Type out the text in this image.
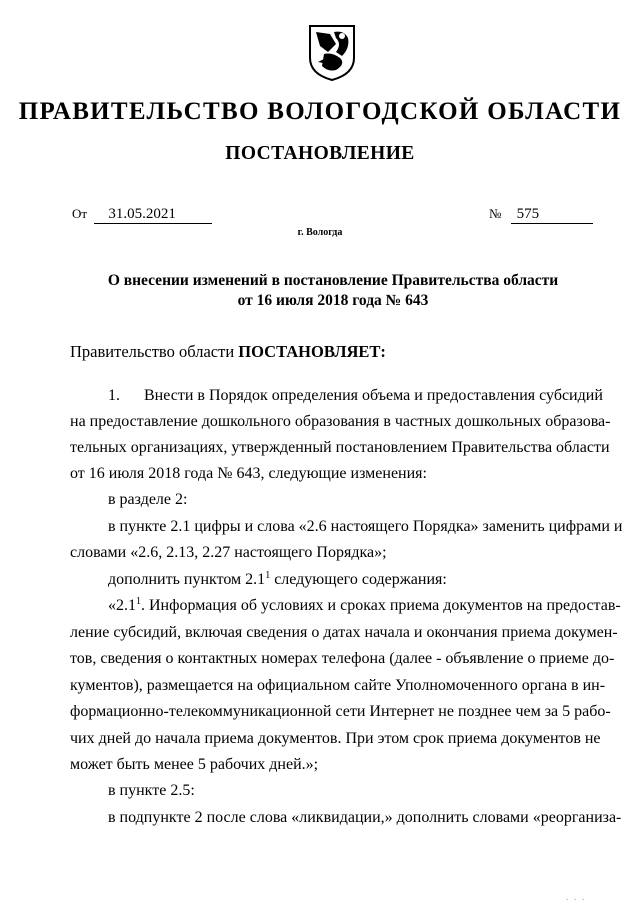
ПРАВИТЕЛЬСТВО ВОЛОГОДСКОЙ ОБЛАСТИ
ПОСТАНОВЛЕНИЕ
От 31.05.2021	№ 575
г. Вологда
О внесении изменений в постановление Правительства области
от 16 июля 2018 года № 643
Правительство области ПОСТАНОВЛЯЕТ:
1. Внести в Порядок определения объема и предоставления субсидий
на предоставление дошкольного образования в частных дошкольных образова-
тельных организациях, утвержденный постановлением Правительства области
от 16 июля 2018 года № 643, следующие изменения:
в разделе 2:
в пункте 2.1 цифры и слова «2.6 настоящего Порядка» заменить цифрами и
словами «2.6, 2.13, 2.27 настоящего Порядка»;
дополнить пунктом $2.1^1$ следующего содержания:
«$2.1^1$. Информация об условиях и сроках приема документов на предостав-
ление субсидий, включая сведения о датах начала и окончания приема докумен-
тов, сведения о контактных номерах телефона (далее - объявление о приеме до-
кументов), размещается на официальном сайте Уполномоченного органа в ин-
формационно-телекоммуникационной сети Интернет не позднее чем за 5 рабо-
чих дней до начала приема документов. При этом срок приема документов не
может быть менее 5 рабочих дней.»;
в пункте 2.5:
в подпункте 2 после слова «ликвидации,» дополнить словами «реорганиза-
. . .
